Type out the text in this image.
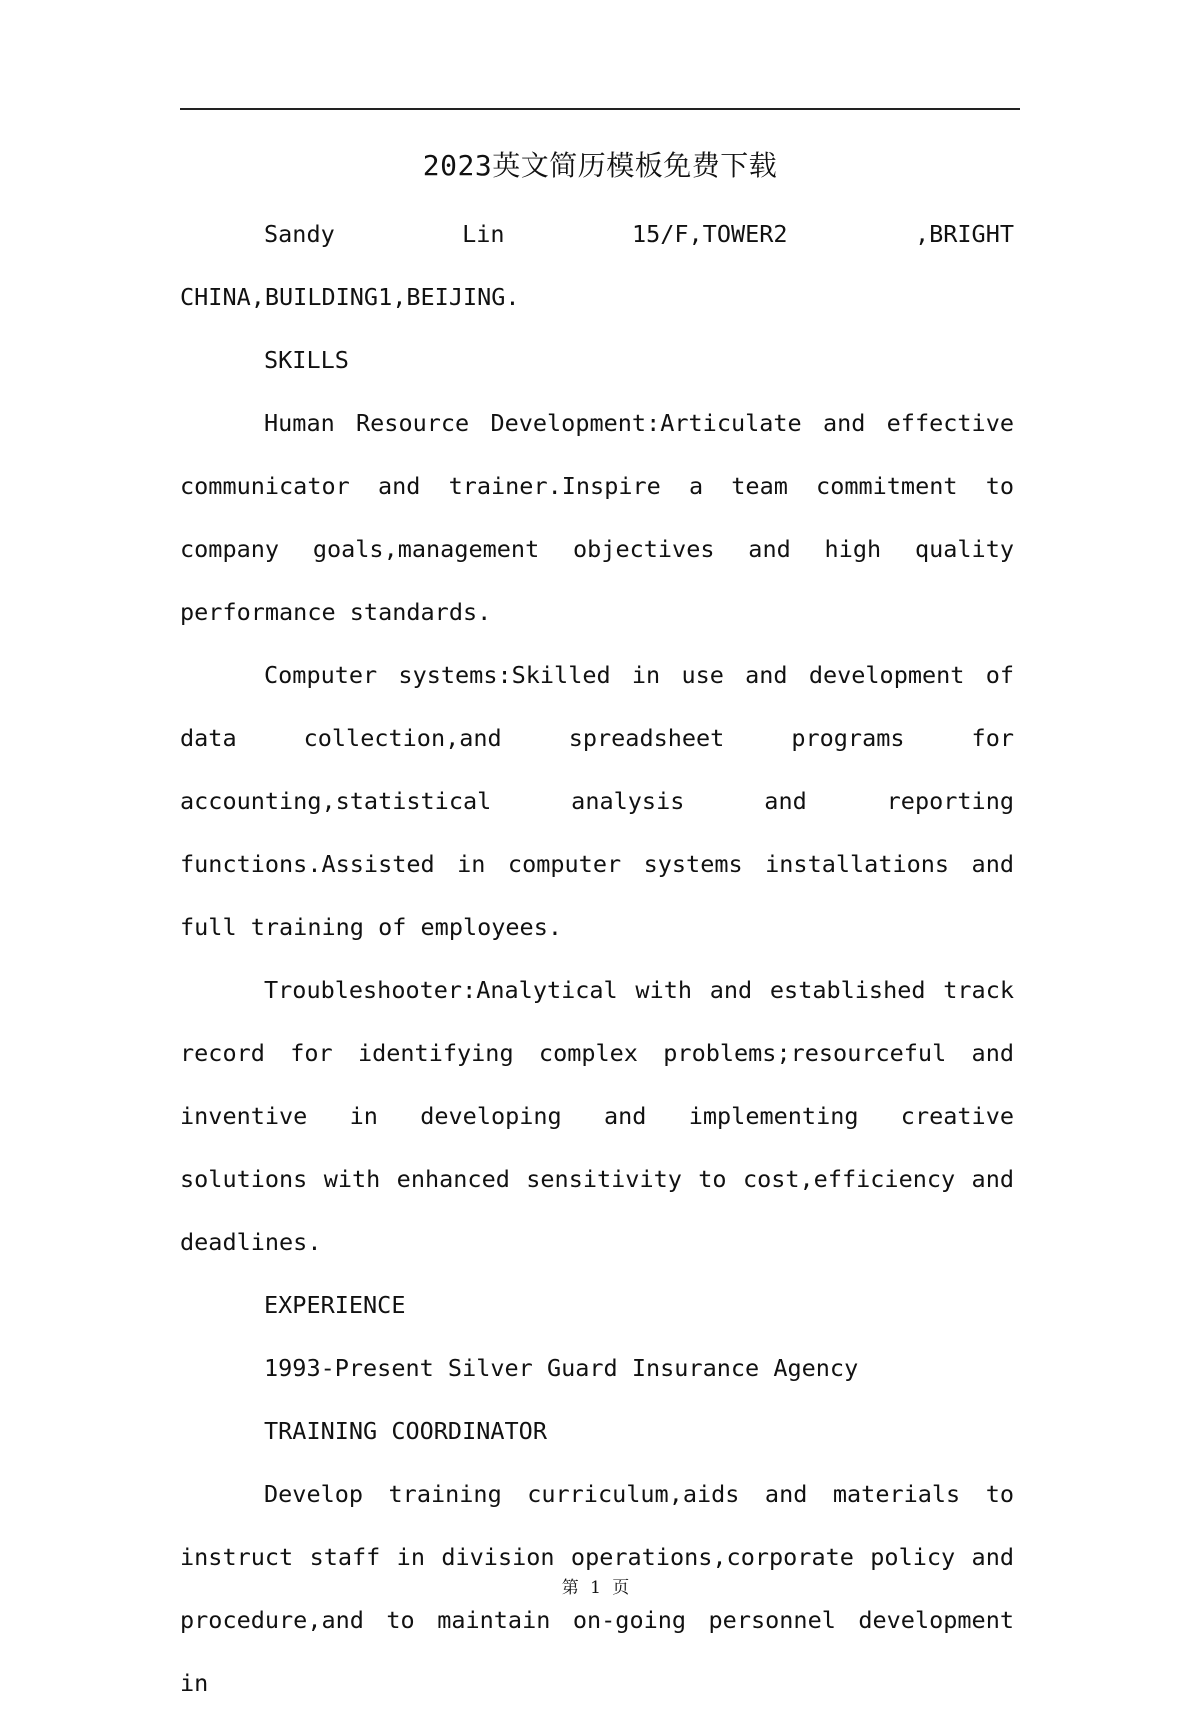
2023英文简历模板免费下载

Sandy Lin 15/F,TOWER2 ,BRIGHT CHINA,BUILDING1,BEIJING.

SKILLS

Human Resource Development:Articulate and effective communicator and trainer.Inspire a team commitment to company goals,management objectives and high quality performance standards.

Computer systems:Skilled in use and development of data collection,and spreadsheet programs for accounting,statistical analysis and reporting functions.Assisted in computer systems installations and full training of employees.

Troubleshooter:Analytical with and established track record for identifying complex problems;resourceful and inventive in developing and implementing creative solutions with enhanced sensitivity to cost,efficiency and deadlines.

EXPERIENCE

1993-Present Silver Guard Insurance Agency

TRAINING COORDINATOR

Develop training curriculum,aids and materials to instruct staff in division operations,corporate policy and procedure,and to maintain on-going personnel development in

第 1 页
